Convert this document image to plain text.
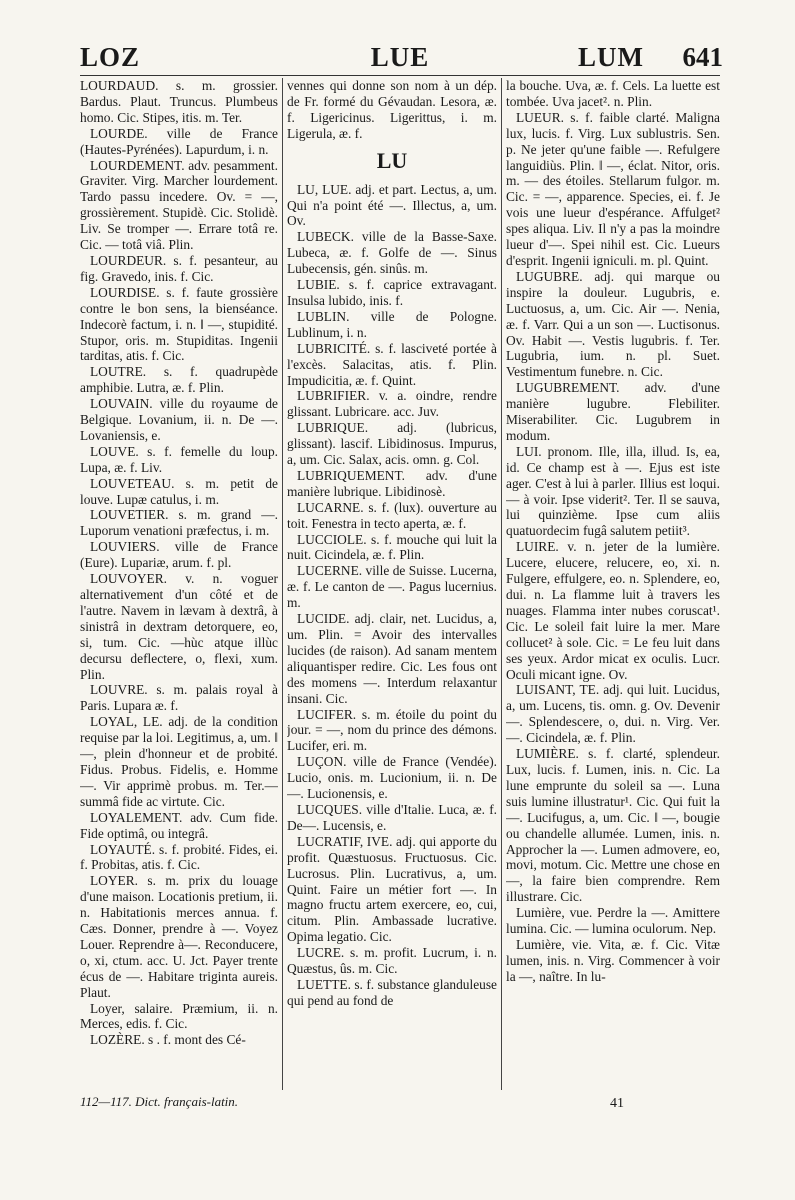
LOZ	LUE	LUM 641
LOURDAUD. s. m. grossier. Bardus. Plaut. Truncus. Plumbeus homo. Cic. Stipes, itis. m. Ter.
LOURDE. ville de France (Hautes-Pyrénées). Lapurdum, i. n.
LOURDEMENT. adv. pesamment. Graviter. Virg. Marcher lourdement. Tardo passu incedere. Ov. = —, grossièrement. Stupidè. Cic. Stolidè. Liv. Se tromper —. Errare totâ re. Cic. — totâ viâ. Plin.
LOURDEUR. s. f. pesanteur, au fig. Gravedo, inis. f. Cic.
LOURDISE. s. f. faute grossière contre le bon sens, la bienséance. Indecorè factum, i. n. ‖ —, stupidité. Stupor, oris. m. Stupiditas. Ingenii tarditas, atis. f. Cic.
LOUTRE. s. f. quadrupède amphibie. Lutra, æ. f. Plin.
LOUVAIN. ville du royaume de Belgique. Lovanium, ii. n. De —. Lovaniensis, e.
LOUVE. s. f. femelle du loup. Lupa, æ. f. Liv.
LOUVETEAU. s. m. petit de louve. Lupæ catulus, i. m.
LOUVETIER. s. m. grand —. Luporum venationi præfectus, i. m.
LOUVIERS. ville de France (Eure). Lupariæ, arum. f. pl.
LOUVOYER. v. n. voguer alternativement d'un côté et de l'autre. Navem in lævam à dextrâ, à sinistrâ in dextram detorquere, eo, si, tum. Cic. —hùc atque illùc decursu deflectere, o, flexi, xum. Plin.
LOUVRE. s. m. palais royal à Paris. Lupara æ. f.
LOYAL, LE. adj. de la condition requise par la loi. Legitimus, a, um. ‖ —, plein d'honneur et de probité. Fidus. Probus. Fidelis, e. Homme —. Vir apprimè probus. m. Ter.—summâ fide ac virtute. Cic.
LOYALEMENT. adv. Cum fide. Fide optimâ, ou integrâ.
LOYAUTÉ. s. f. probité. Fides, ei. f. Probitas, atis. f. Cic.
LOYER. s. m. prix du louage d'une maison. Locationis pretium, ii. n. Habitationis merces annua. f. Cæs. Donner, prendre à —. Voyez Louer. Reprendre à—. Reconducere, o, xi, ctum. acc. U. Jct. Payer trente écus de —. Habitare triginta aureis. Plaut.
Loyer, salaire. Præmium, ii. n. Merces, edis. f. Cic.
LOZÈRE. s . f. mont des Cé-
vennes qui donne son nom à un dép. de Fr. formé du Gévaudan. Lesora, æ. f. Ligericinus. Ligerittus, i. m. Ligerula, æ. f.
LU
LU, LUE. adj. et part. Lectus, a, um. Qui n'a point été —. Illectus, a, um. Ov.
LUBECK. ville de la Basse-Saxe. Lubeca, æ. f. Golfe de —. Sinus Lubecensis, gén. sinûs. m.
LUBIE. s. f. caprice extravagant. Insulsa lubido, inis. f.
LUBLIN. ville de Pologne. Lublinum, i. n.
LUBRICITÉ. s. f. lasciveté portée à l'excès. Salacitas, atis. f. Plin. Impudicitia, æ. f. Quint.
LUBRIFIER. v. a. oindre, rendre glissant. Lubricare. acc. Juv.
LUBRIQUE. adj. (lubricus, glissant). lascif. Libidinosus. Impurus, a, um. Cic. Salax, acis. omn. g. Col.
LUBRIQUEMENT. adv. d'une manière lubrique. Libidinosè.
LUCARNE. s. f. (lux). ouverture au toit. Fenestra in tecto aperta, æ. f.
LUCCIOLE. s. f. mouche qui luit la nuit. Cicindela, æ. f. Plin.
LUCERNE. ville de Suisse. Lucerna, æ. f. Le canton de —. Pagus lucernius. m.
LUCIDE. adj. clair, net. Lucidus, a, um. Plin. = Avoir des intervalles lucides (de raison). Ad sanam mentem aliquantisper redire. Cic. Les fous ont des momens —. Interdum relaxantur insani. Cic.
LUCIFER. s. m. étoile du point du jour. = —, nom du prince des démons. Lucifer, eri. m.
LUÇON. ville de France (Vendée). Lucio, onis. m. Lucionium, ii. n. De —. Lucionensis, e.
LUCQUES. ville d'Italie. Luca, æ. f. De—. Lucensis, e.
LUCRATIF, IVE. adj. qui apporte du profit. Quæstuosus. Fructuosus. Cic. Lucrosus. Plin. Lucrativus, a, um. Quint. Faire un métier fort —. In magno fructu artem exercere, eo, cui, citum. Plin. Ambassade lucrative. Opima legatio. Cic.
LUCRE. s. m. profit. Lucrum, i. n. Quæstus, ûs. m. Cic.
LUETTE. s. f. substance glanduleuse qui pend au fond de
la bouche. Uva, æ. f. Cels. La luette est tombée. Uva jacet². n. Plin.
LUEUR. s. f. faible clarté. Maligna lux, lucis. f. Virg. Lux sublustris. Sen. p. Ne jeter qu'une faible —. Refulgere languidiùs. Plin. ‖ —, éclat. Nitor, oris. m. — des étoiles. Stellarum fulgor. m. Cic. = —, apparence. Species, ei. f. Je vois une lueur d'espérance. Affulget² spes aliqua. Liv. Il n'y a pas la moindre lueur d'—. Spei nihil est. Cic. Lueurs d'esprit. Ingenii igniculi. m. pl. Quint.
LUGUBRE. adj. qui marque ou inspire la douleur. Lugubris, e. Luctuosus, a, um. Cic. Air —. Nenia, æ. f. Varr. Qui a un son —. Luctisonus. Ov. Habit —. Vestis lugubris. f. Ter. Lugubria, ium. n. pl. Suet. Vestimentum funebre. n. Cic.
LUGUBREMENT. adv. d'une manière lugubre. Flebiliter. Miserabiliter. Cic. Lugubrem in modum.
LUI. pronom. Ille, illa, illud. Is, ea, id. Ce champ est à —. Ejus est iste ager. C'est à lui à parler. Illius est loqui. — à voir. Ipse viderit². Ter. Il se sauva, lui quinzième. Ipse cum aliis quatuordecim fugâ salutem petiit³.
LUIRE. v. n. jeter de la lumière. Lucere, elucere, relucere, eo, xi. n. Fulgere, effulgere, eo. n. Splendere, eo, dui. n. La flamme luit à travers les nuages. Flamma inter nubes coruscat¹. Cic. Le soleil fait luire la mer. Mare collucet² à sole. Cic. = Le feu luit dans ses yeux. Ardor micat ex oculis. Lucr. Oculi micant igne. Ov.
LUISANT, TE. adj. qui luit. Lucidus, a, um. Lucens, tis. omn. g. Ov. Devenir —. Splendescere, o, dui. n. Virg. Ver. —. Cicindela, æ. f. Plin.
LUMIÈRE. s. f. clarté, splendeur. Lux, lucis. f. Lumen, inis. n. Cic. La lune emprunte du soleil sa —. Luna suis lumine illustratur¹. Cic. Qui fuit la —. Lucifugus, a, um. Cic. ‖ —, bougie ou chandelle allumée. Lumen, inis. n. Approcher la —. Lumen admovere, eo, movi, motum. Cic. Mettre une chose en —, la faire bien comprendre. Rem illustrare. Cic.
Lumière, vue. Perdre la —. Amittere lumina. Cic. — lumina oculorum. Nep.
Lumière, vie. Vita, æ. f. Cic. Vitæ lumen, inis. n. Virg. Commencer à voir la —, naître. In lu-
112—117. Dict. français-latin.	41
